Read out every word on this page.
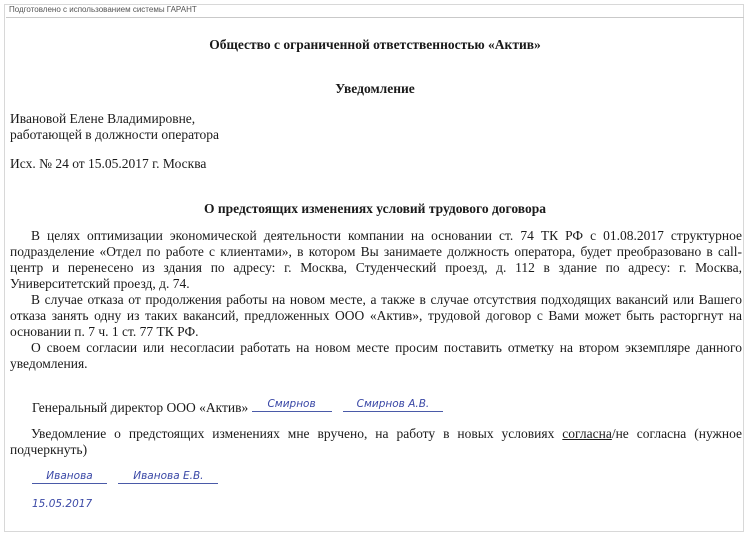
Подготовлено с использованием системы ГАРАНТ
Общество с ограниченной ответственностью «Актив»
Уведомление
Ивановой Елене Владимировне,
работающей в должности оператора
Исх. № 24 от 15.05.2017 г. Москва
О предстоящих изменениях условий трудового договора
В целях оптимизации экономической деятельности компании на основании ст. 74 ТК РФ с 01.08.2017 структурное подразделение «Отдел по работе с клиентами», в котором Вы занимаете должность оператора, будет преобразовано в call-центр и перенесено из здания по адресу: г. Москва, Студенческий проезд, д. 112 в здание по адресу: г. Москва, Университетский проезд, д. 74.
В случае отказа от продолжения работы на новом месте, а также в случае отсутствия подходящих вакансий или Вашего отказа занять одну из таких вакансий, предложенных ООО «Актив», трудовой договор с Вами может быть расторгнут на основании п. 7 ч. 1 ст. 77 ТК РФ.
О своем согласии или несогласии работать на новом месте просим поставить отметку на втором экземпляре данного уведомления.
Генеральный директор ООО «Актив»	Смирнов
	Смирнов А.В.
Уведомление о предстоящих изменениях мне вручено, на работу в новых условиях согласна/не согласна (нужное подчеркнуть)
Иванова
	Иванова Е.В.
15.05.2017
